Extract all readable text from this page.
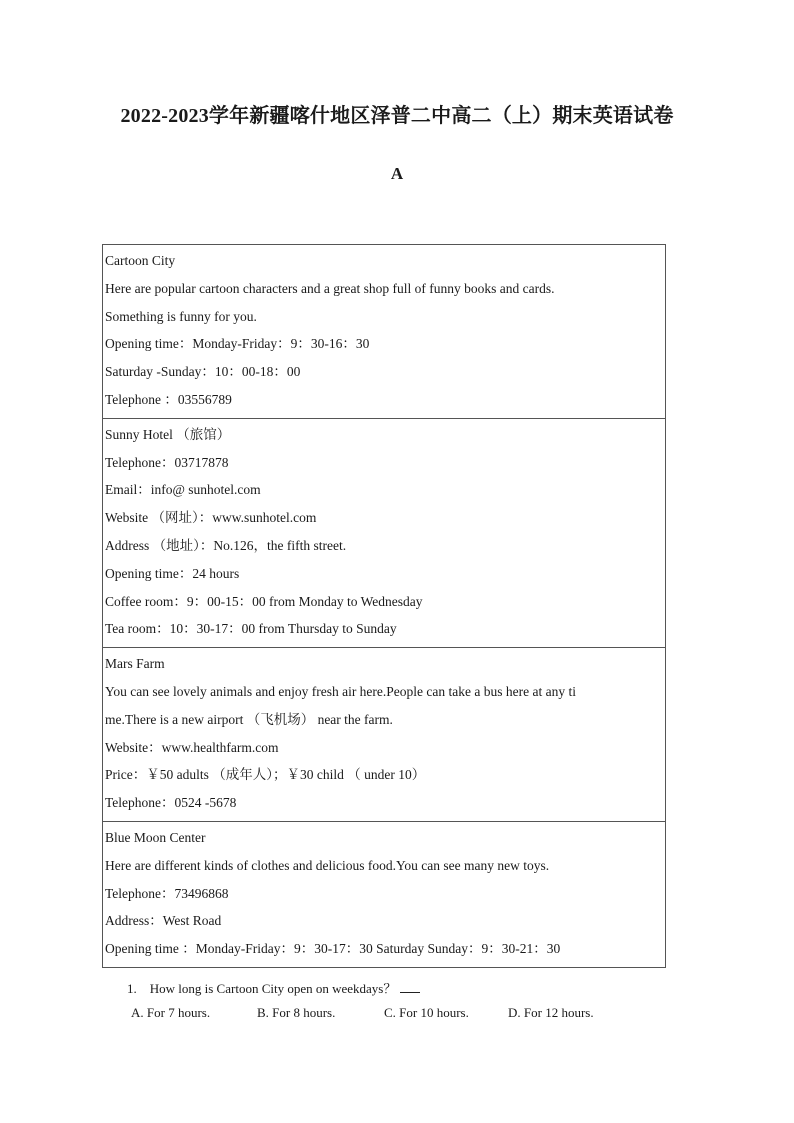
2022-2023学年新疆喀什地区泽普二中高二（上）期末英语试卷
A
Cartoon City
Here are popular cartoon characters and a great shop full of funny books and cards.
Something is funny for you.
Opening time：Monday-Friday：9：30-16：30
Saturday -Sunday：10：00-18：00
Telephone ：03556789

Sunny Hotel （旅馆）
Telephone：03717878
Email：info@ sunhotel.com
Website （网址）：www.sunhotel.com
Address （地址）：No.126，the fifth street.
Opening time：24 hours
Coffee room：9：00-15：00 from Monday to Wednesday
Tea room：10：30-17：00 from Thursday to Sunday

Mars Farm
You can see lovely animals and enjoy fresh air here.People can take a bus here at any ti
me.There is a new airport （飞机场） near the farm.
Website：www.healthfarm.com
Price：￥50 adults （成年人）；￥30 child （ under 10）
Telephone：0524 -5678

Blue Moon Center
Here are different kinds of clothes and delicious food.You can see many new toys.
Telephone：73496868
Address：West Road
Opening time ：Monday-Friday：9：30-17：30 Saturday Sunday：9：30-21：30
1. How long is Cartoon City open on weekdays？
A. For 7 hours.	B. For 8 hours.	C. For 10 hours.	D. For 12 hours.
